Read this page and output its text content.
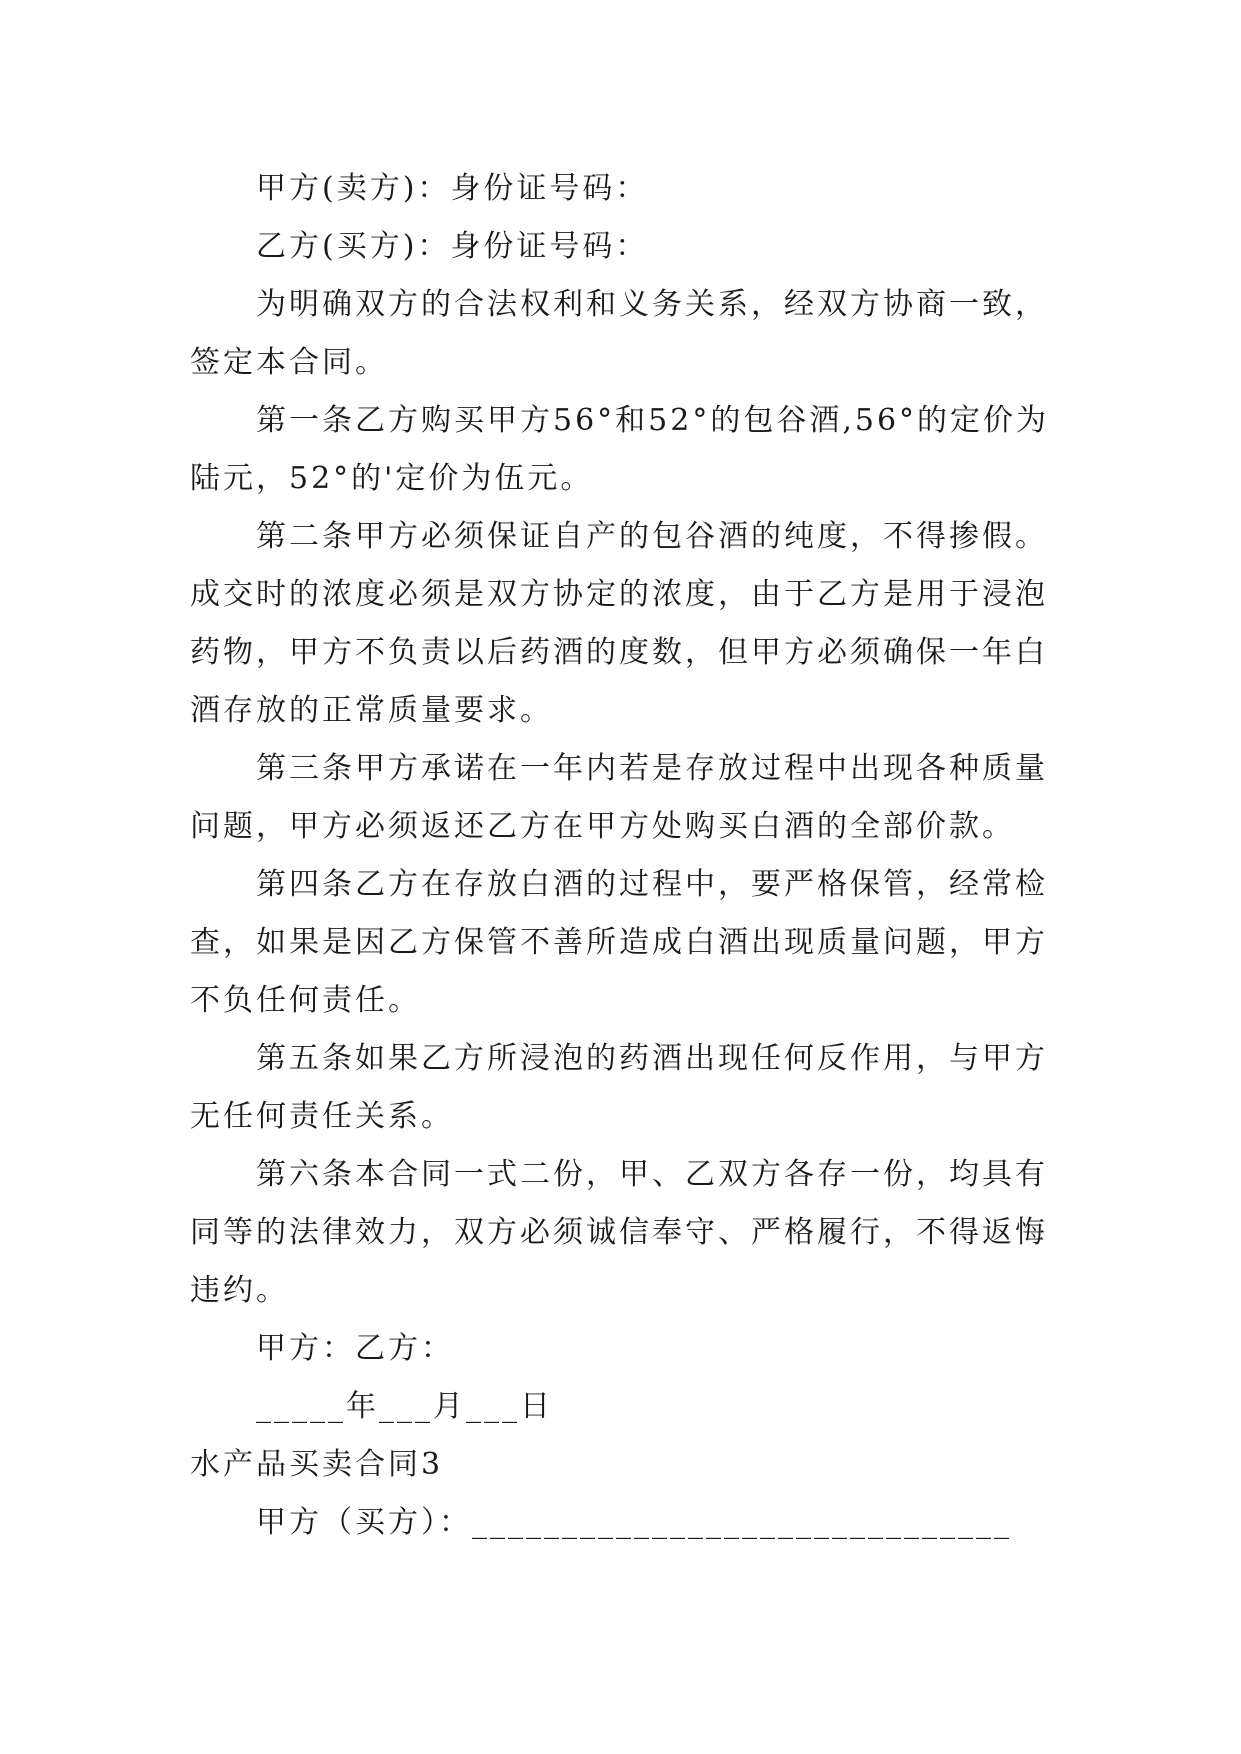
甲方(卖方)：身份证号码：

乙方(买方)：身份证号码：

为明确双方的合法权利和义务关系，经双方协商一致，签定本合同。

第一条乙方购买甲方56°和52°的包谷酒,56°的定价为陆元，52°的'定价为伍元。

第二条甲方必须保证自产的包谷酒的纯度，不得掺假。成交时的浓度必须是双方协定的浓度，由于乙方是用于浸泡药物，甲方不负责以后药酒的度数，但甲方必须确保一年白酒存放的正常质量要求。

第三条甲方承诺在一年内若是存放过程中出现各种质量问题，甲方必须返还乙方在甲方处购买白酒的全部价款。

第四条乙方在存放白酒的过程中，要严格保管，经常检查，如果是因乙方保管不善所造成白酒出现质量问题，甲方不负任何责任。

第五条如果乙方所浸泡的药酒出现任何反作用，与甲方无任何责任关系。

第六条本合同一式二份，甲、乙双方各存一份，均具有同等的法律效力，双方必须诚信奉守、严格履行，不得返悔违约。

甲方：乙方：

_____年___月___日

水产品买卖合同3

甲方（买方）：______________________________
